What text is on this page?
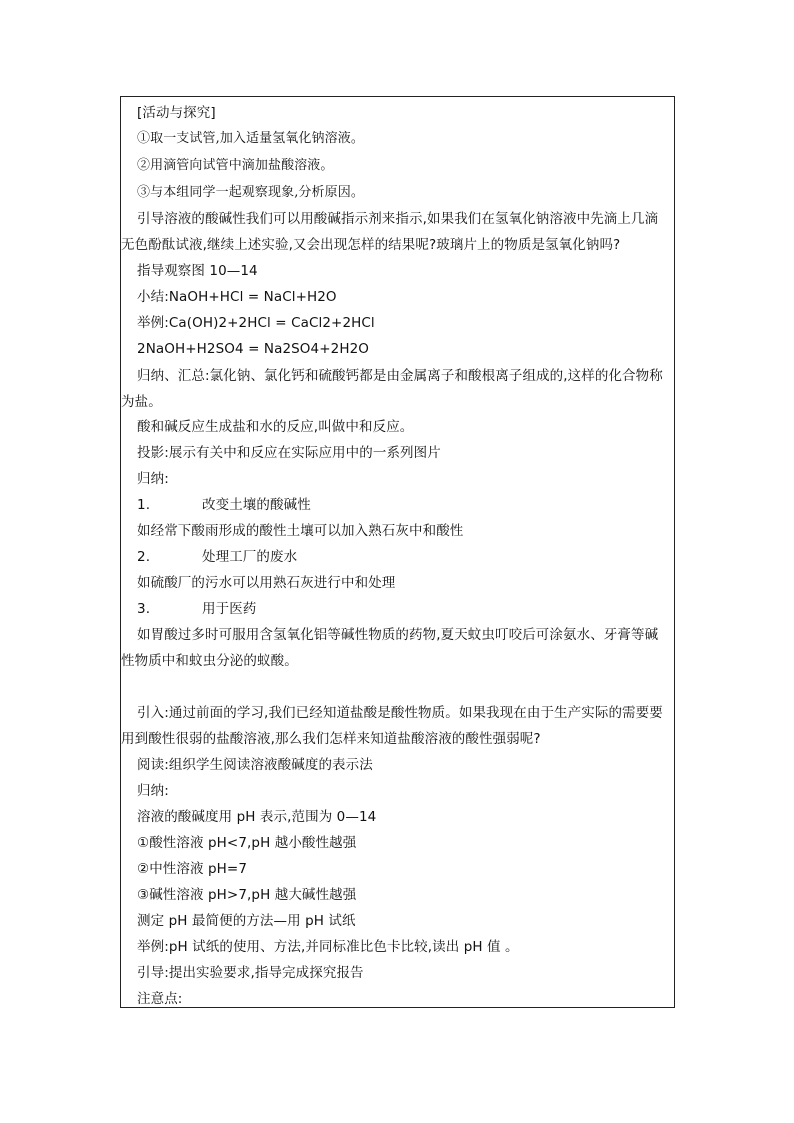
[活动与探究]
①取一支试管,加入适量氢氧化钠溶液。
②用滴管向试管中滴加盐酸溶液。
③与本组同学一起观察现象,分析原因。
引导溶液的酸碱性我们可以用酸碱指示剂来指示,如果我们在氢氧化钠溶液中先滴上几滴
无色酚酞试液,继续上述实验,又会出现怎样的结果呢?玻璃片上的物质是氢氧化钠吗?
指导观察图 10—14
小结:NaOH+HCl = NaCl+H2O
举例:Ca(OH)2+2HCl = CaCl2+2HCl
2NaOH+H2SO4 = Na2SO4+2H2O
归纳、汇总:氯化钠、氯化钙和硫酸钙都是由金属离子和酸根离子组成的,这样的化合物称
为盐。
酸和碱反应生成盐和水的反应,叫做中和反应。
投影:展示有关中和反应在实际应用中的一系列图片
归纳:
1.	改变土壤的酸碱性
如经常下酸雨形成的酸性土壤可以加入熟石灰中和酸性
2.	处理工厂的废水
如硫酸厂的污水可以用熟石灰进行中和处理
3.	用于医药
如胃酸过多时可服用含氢氧化铝等碱性物质的药物,夏天蚊虫叮咬后可涂氨水、牙膏等碱
性物质中和蚊虫分泌的蚁酸。
引入:通过前面的学习,我们已经知道盐酸是酸性物质。如果我现在由于生产实际的需要要
用到酸性很弱的盐酸溶液,那么我们怎样来知道盐酸溶液的酸性强弱呢?
阅读:组织学生阅读溶液酸碱度的表示法
归纳:
溶液的酸碱度用 pH 表示,范围为 0—14
①酸性溶液 pH<7,pH 越小酸性越强
②中性溶液 pH=7
③碱性溶液 pH>7,pH 越大碱性越强
测定 pH 最简便的方法—用 pH 试纸
举例:pH 试纸的使用、方法,并同标准比色卡比较,读出 pH 值 。
引导:提出实验要求,指导完成探究报告
注意点:
